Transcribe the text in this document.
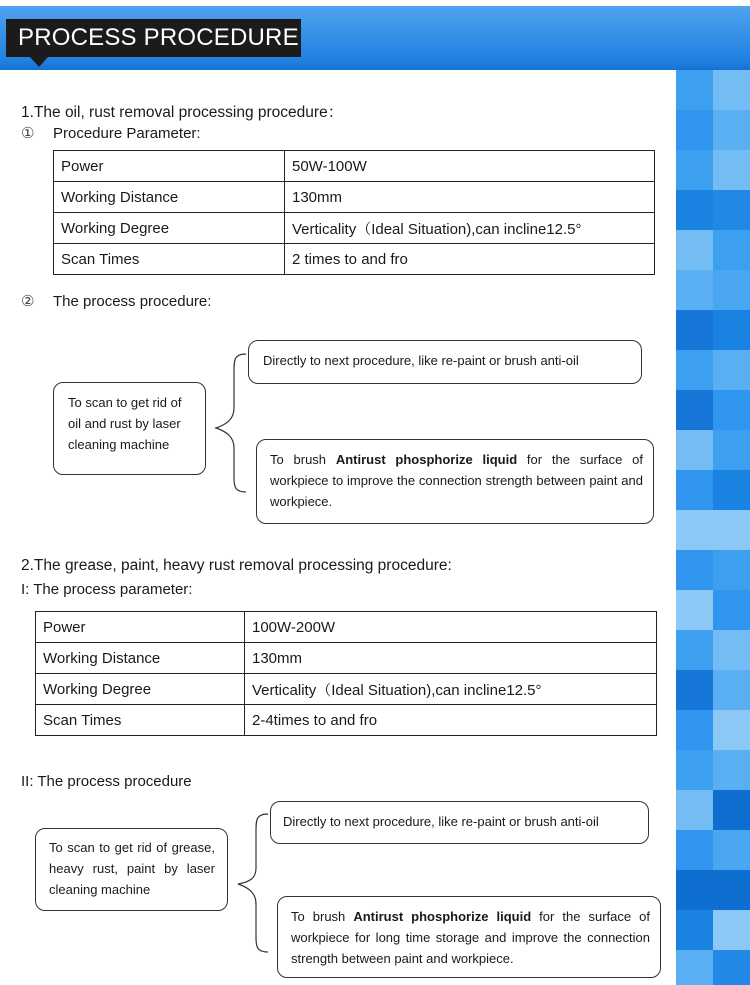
PROCESS PROCEDURE
1.The oil, rust removal processing procedure：
① Procedure Parameter:
Power	50W-100W
Working Distance	130mm
Working Degree	Verticality（Ideal Situation),can incline12.5°
Scan Times	2 times to and fro
② The process procedure:
To scan to get rid of oil and rust by laser cleaning machine
Directly to next procedure, like re-paint or brush anti-oil
To brush Antirust phosphorize liquid for the surface of workpiece to improve the connection strength between paint and workpiece.
2.The grease, paint, heavy rust removal processing procedure:
I: The process parameter:
Power	100W-200W
Working Distance	130mm
Working Degree	Verticality（Ideal Situation),can incline12.5°
Scan Times	2-4times to and fro
II: The process procedure
To scan to get rid of grease, heavy rust, paint by laser cleaning machine
Directly to next procedure, like re-paint or brush anti-oil
To brush Antirust phosphorize liquid for the surface of workpiece for long time storage and improve the connection strength between paint and workpiece.
